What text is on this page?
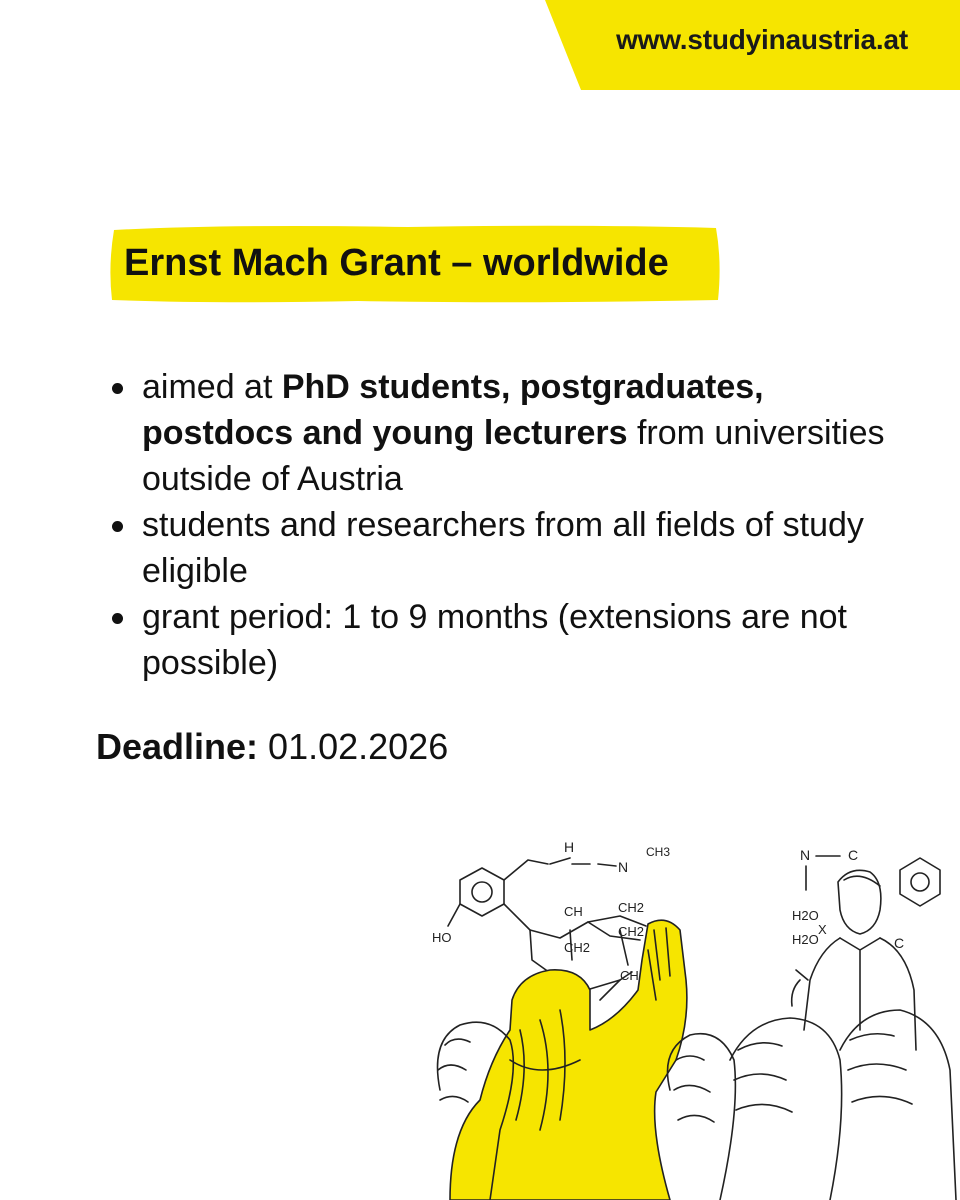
www.studyinaustria.at
Ernst Mach Grant – worldwide
aimed at PhD students, postgraduates, postdocs and young lecturers from universities outside of Austria
students and researchers from all fields of study eligible
grant period: 1 to 9 months (extensions are not possible)
Deadline: 01.02.2026
H
N
CH3
HO
CH	CH2
CH2
CH2
CH
N	C
H2O
X
H2O	C
